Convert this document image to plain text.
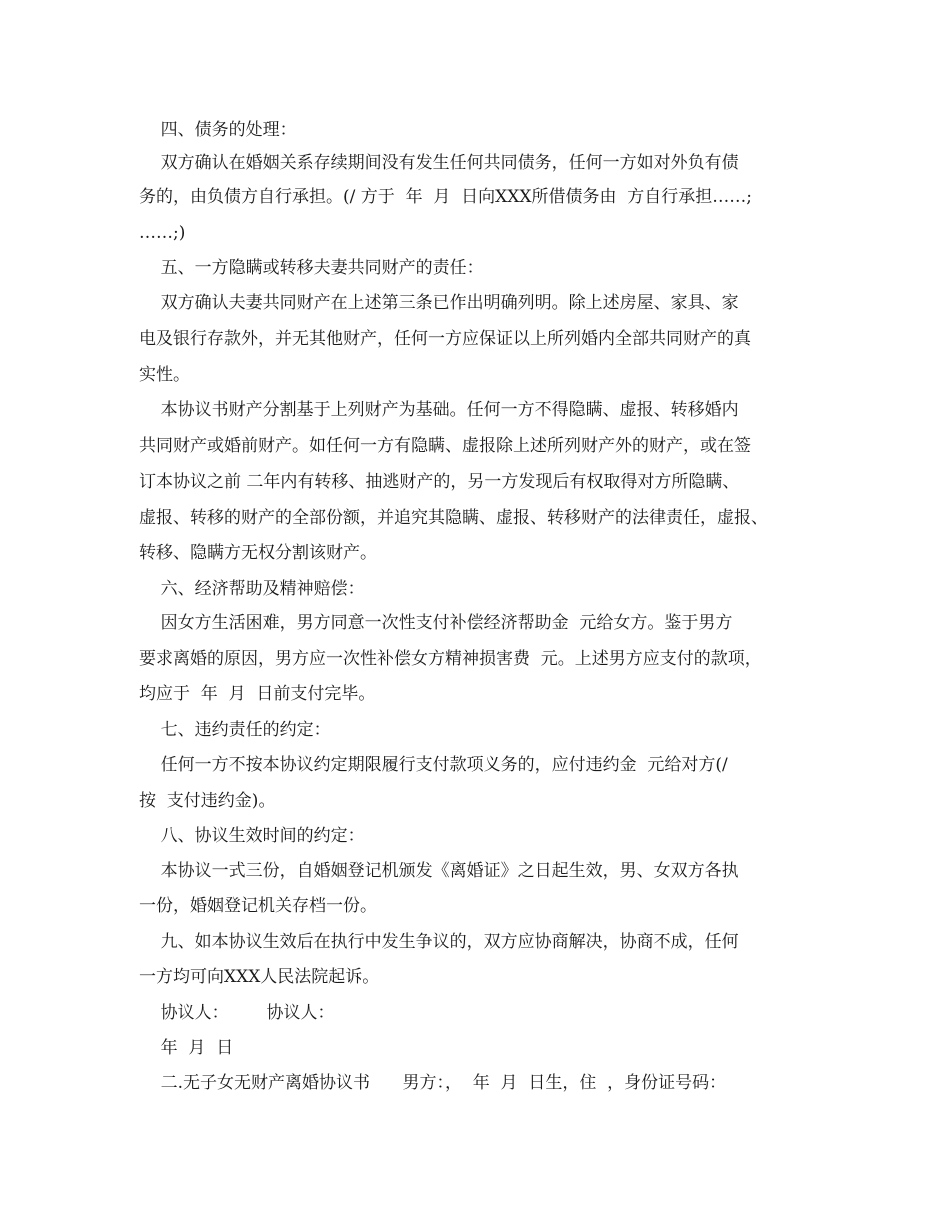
四、债务的处理：
双方确认在婚姻关系存续期间没有发生任何共同债务，任何一方如对外负有债
务的，由负债方自行承担。(/ 方于  年  月  日向XXX所借债务由  方自行承担……;
……;)
五、一方隐瞒或转移夫妻共同财产的责任：
双方确认夫妻共同财产在上述第三条已作出明确列明。除上述房屋、家具、家
电及银行存款外，并无其他财产，任何一方应保证以上所列婚内全部共同财产的真
实性。
本协议书财产分割基于上列财产为基础。任何一方不得隐瞒、虚报、转移婚内
共同财产或婚前财产。如任何一方有隐瞒、虚报除上述所列财产外的财产，或在签
订本协议之前 二年内有转移、抽逃财产的，另一方发现后有权取得对方所隐瞒、
虚报、转移的财产的全部份额，并追究其隐瞒、虚报、转移财产的法律责任，虚报、
转移、隐瞒方无权分割该财产。
六、经济帮助及精神赔偿：
因女方生活困难，男方同意一次性支付补偿经济帮助金  元给女方。鉴于男方
要求离婚的原因，男方应一次性补偿女方精神损害费  元。上述男方应支付的款项，
均应于  年  月  日前支付完毕。
七、违约责任的约定：
任何一方不按本协议约定期限履行支付款项义务的，应付违约金  元给对方(/
按  支付违约金)。
八、协议生效时间的约定：
本协议一式三份，自婚姻登记机颁发《离婚证》之日起生效，男、女双方各执
一份，婚姻登记机关存档一份。
九、如本协议生效后在执行中发生争议的，双方应协商解决，协商不成，任何
一方均可向XXX人民法院起诉。
协议人：       协议人：
年  月  日
二.无子女无财产离婚协议书      男方：，  年  月  日生，住  ，身份证号码：
